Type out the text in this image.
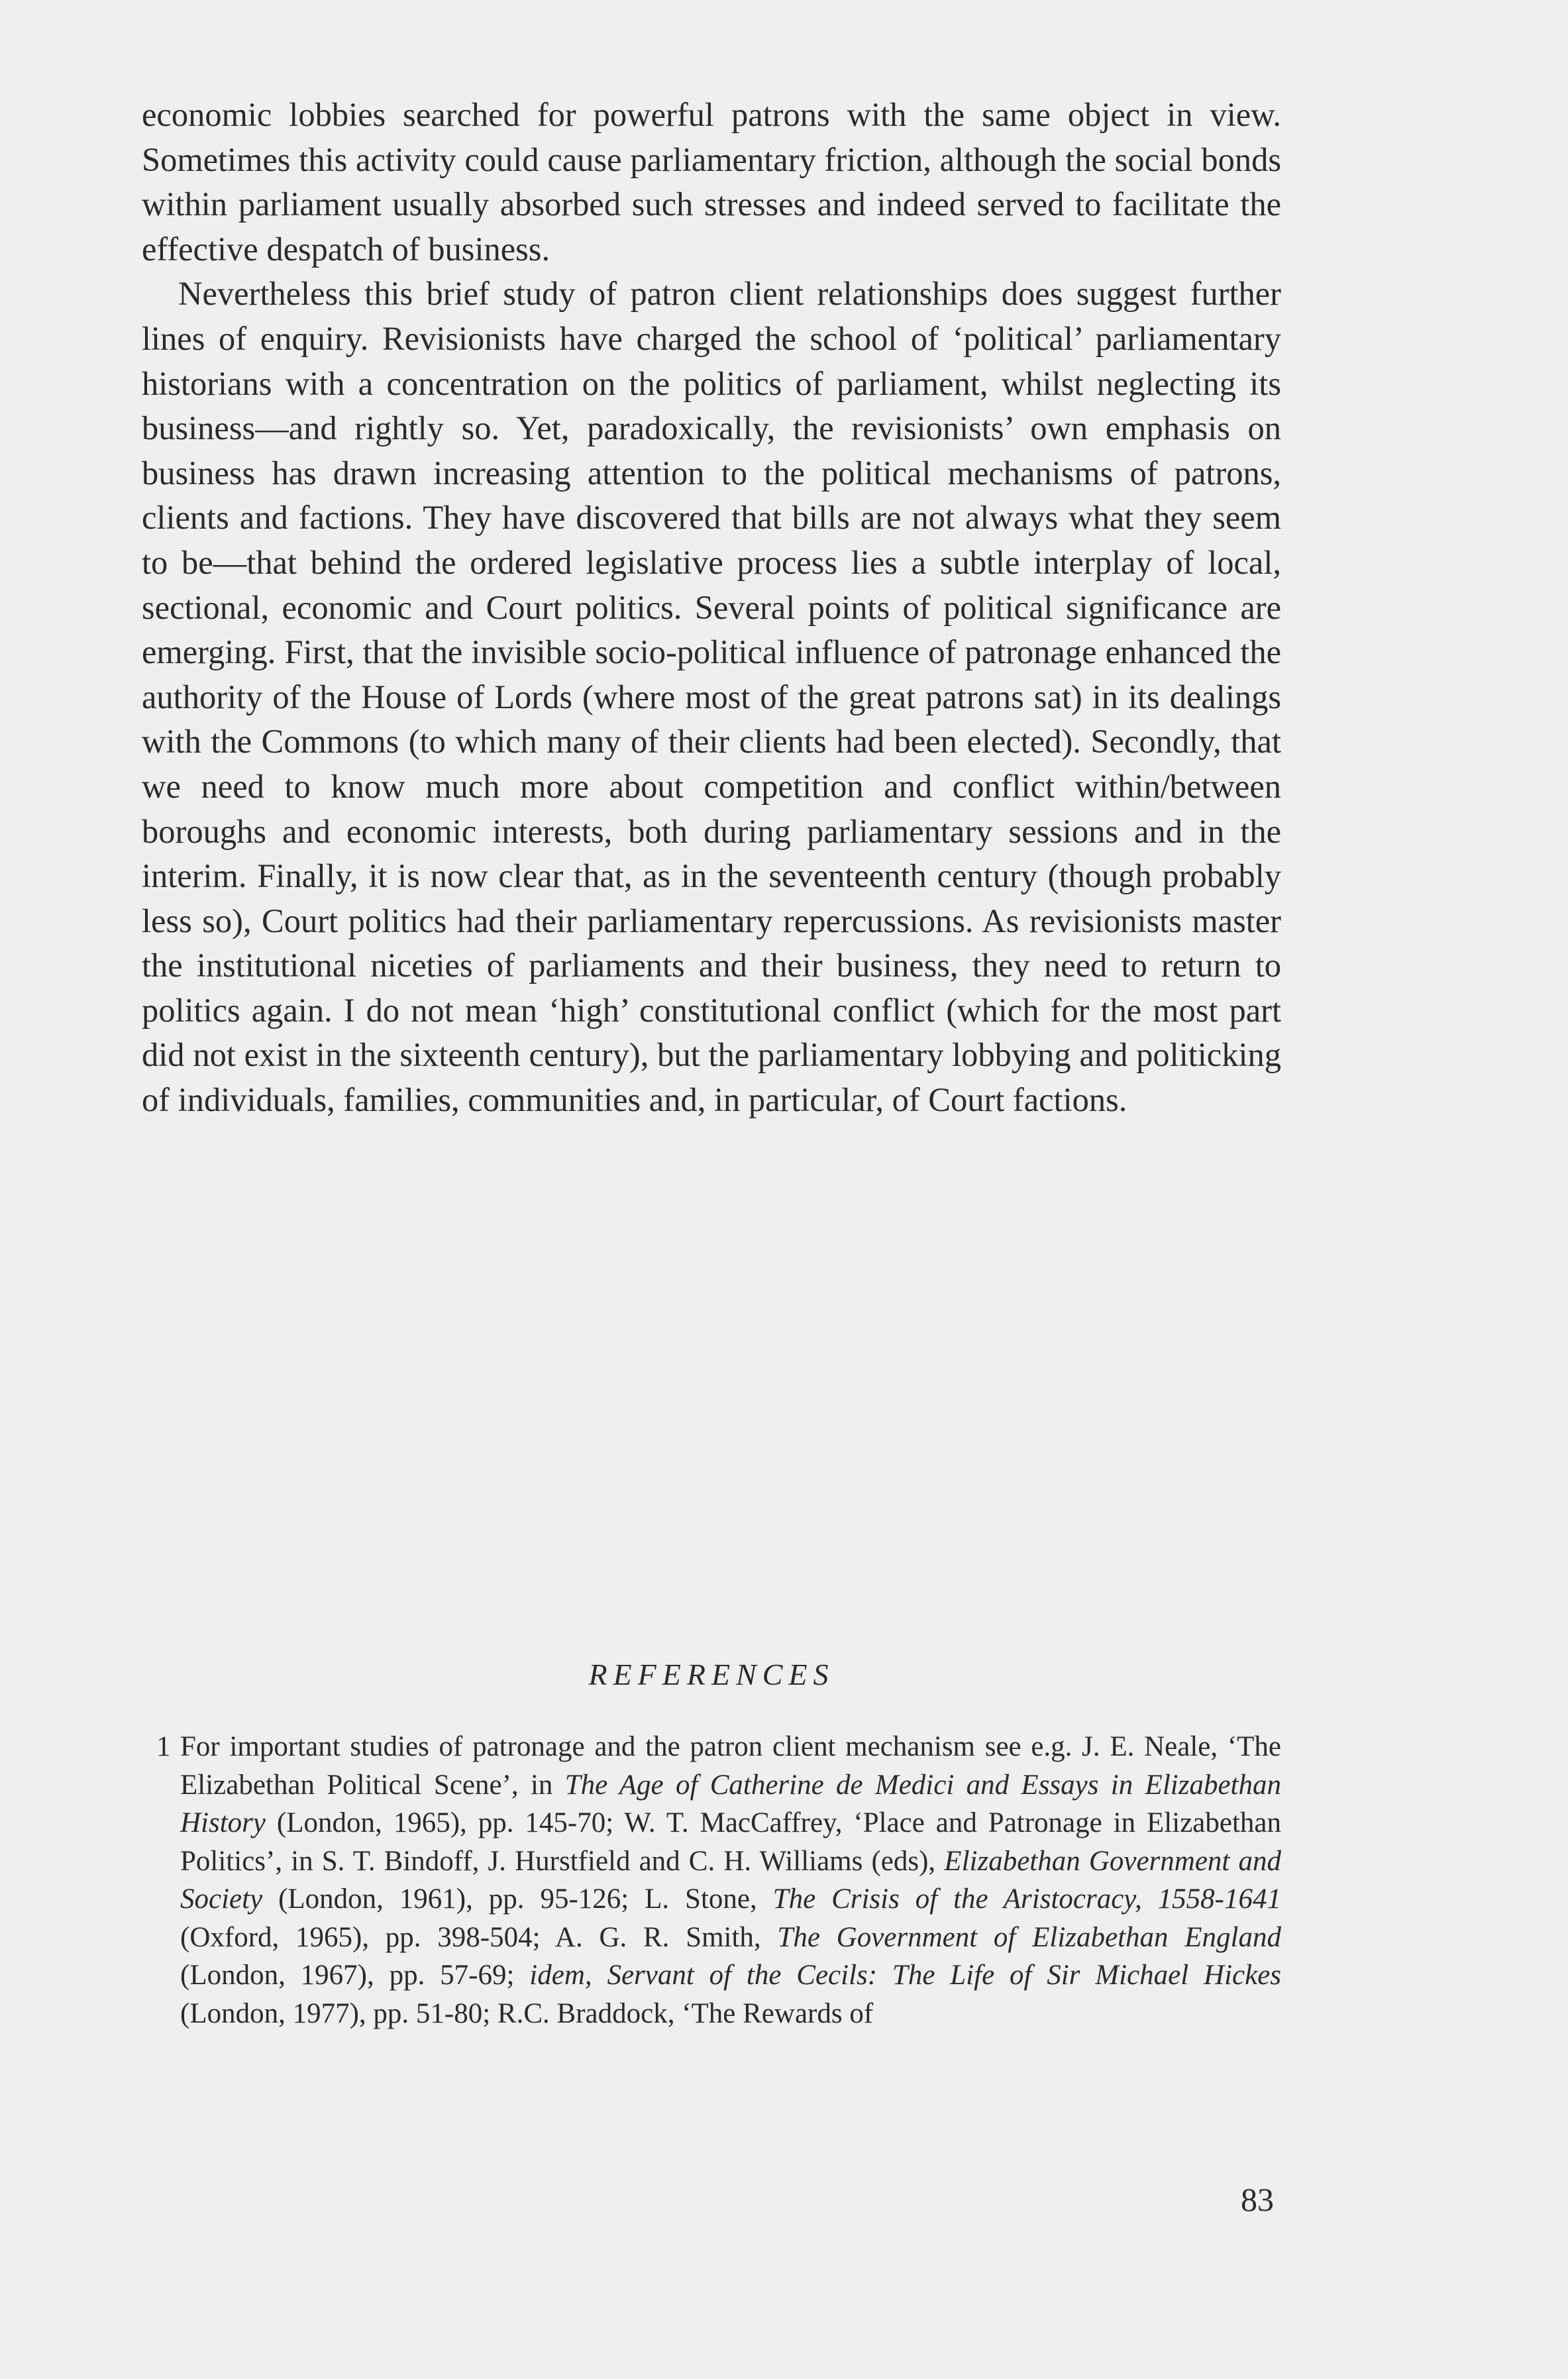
economic lobbies searched for powerful patrons with the same object in view. Sometimes this activity could cause parliamentary friction, although the social bonds within parliament usually absorbed such stresses and indeed served to facilitate the effective despatch of business.

Nevertheless this brief study of patron client relationships does suggest further lines of enquiry. Revisionists have charged the school of ‘political’ parliamentary historians with a concentration on the politics of parliament, whilst neglecting its business—and rightly so. Yet, paradoxically, the revisionists’ own emphasis on business has drawn increasing attention to the political mechanisms of patrons, clients and factions. They have discovered that bills are not always what they seem to be—that behind the ordered legislative process lies a subtle interplay of local, sectional, economic and Court politics. Several points of political significance are emerging. First, that the invisible socio-political influence of patronage enhanced the authority of the House of Lords (where most of the great patrons sat) in its dealings with the Commons (to which many of their clients had been elected). Secondly, that we need to know much more about competition and conflict within/between boroughs and economic interests, both during parliamentary sessions and in the interim. Finally, it is now clear that, as in the seventeenth century (though probably less so), Court politics had their parliamentary repercussions. As revisionists master the institutional niceties of parliaments and their business, they need to return to politics again. I do not mean ‘high’ constitutional conflict (which for the most part did not exist in the sixteenth century), but the parliamentary lobbying and politicking of individuals, families, communities and, in particular, of Court factions.

REFERENCES
1 For important studies of patronage and the patron client mechanism see e.g. J. E. Neale, ‘The Elizabethan Political Scene’, in The Age of Catherine de Medici and Essays in Elizabethan History (London, 1965), pp. 145-70; W. T. MacCaffrey, ‘Place and Patronage in Elizabethan Politics’, in S. T. Bindoff, J. Hurstfield and C. H. Williams (eds), Elizabethan Government and Society (London, 1961), pp. 95-126; L. Stone, The Crisis of the Aristocracy, 1558-1641 (Oxford, 1965), pp. 398-504; A. G. R. Smith, The Government of Elizabethan England (London, 1967), pp. 57-69; idem, Servant of the Cecils: The Life of Sir Michael Hickes (London, 1977), pp. 51-80; R.C. Braddock, ‘The Rewards of
83
